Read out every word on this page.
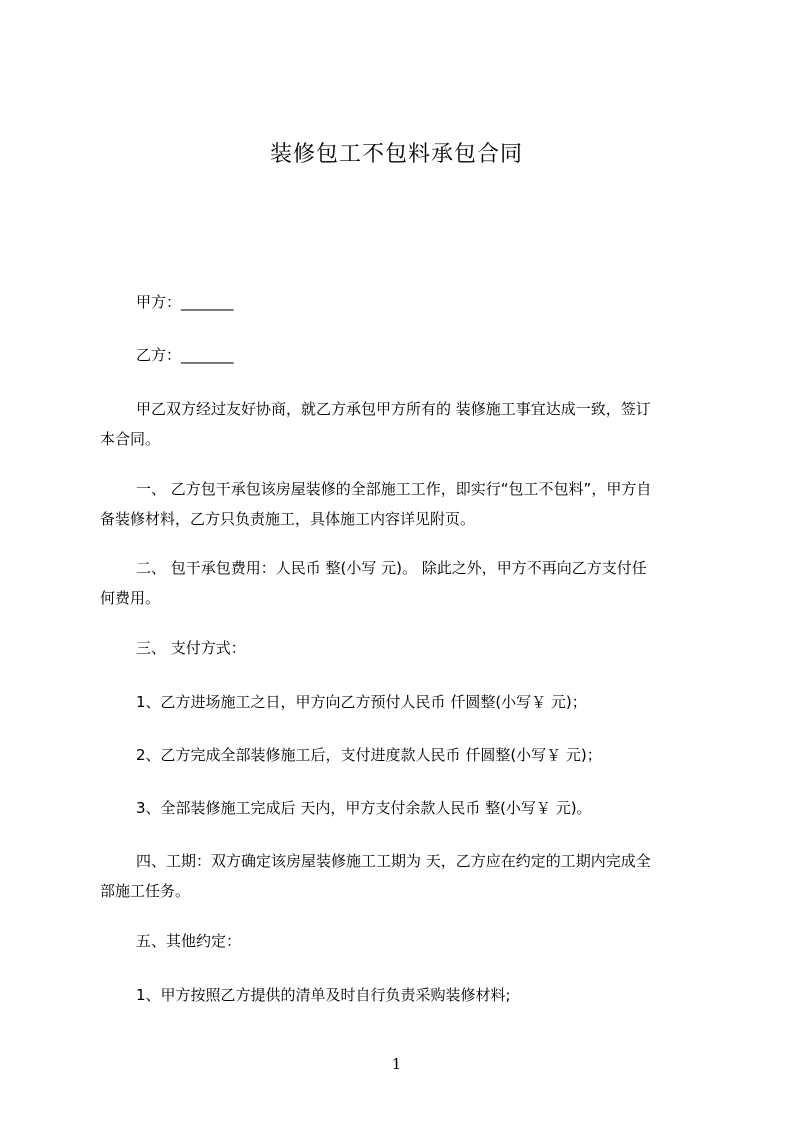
装修包工不包料承包合同

甲方：_______

乙方：_______

甲乙双方经过友好协商，就乙方承包甲方所有的 装修施工事宜达成一致，签订
本合同。

一、 乙方包干承包该房屋装修的全部施工工作，即实行“包工不包料”，甲方自
备装修材料，乙方只负责施工，具体施工内容详见附页。

二、 包干承包费用：人民币 整(小写 元)。 除此之外，甲方不再向乙方支付任
何费用。

三、 支付方式：

1、乙方进场施工之日，甲方向乙方预付人民币 仟圆整(小写￥ 元)；

2、乙方完成全部装修施工后，支付进度款人民币 仟圆整(小写￥ 元)；

3、全部装修施工完成后 天内，甲方支付余款人民币 整(小写￥ 元)。

四、工期：双方确定该房屋装修施工工期为 天，乙方应在约定的工期内完成全
部施工任务。

五、其他约定：

1、甲方按照乙方提供的清单及时自行负责采购装修材料;

1
